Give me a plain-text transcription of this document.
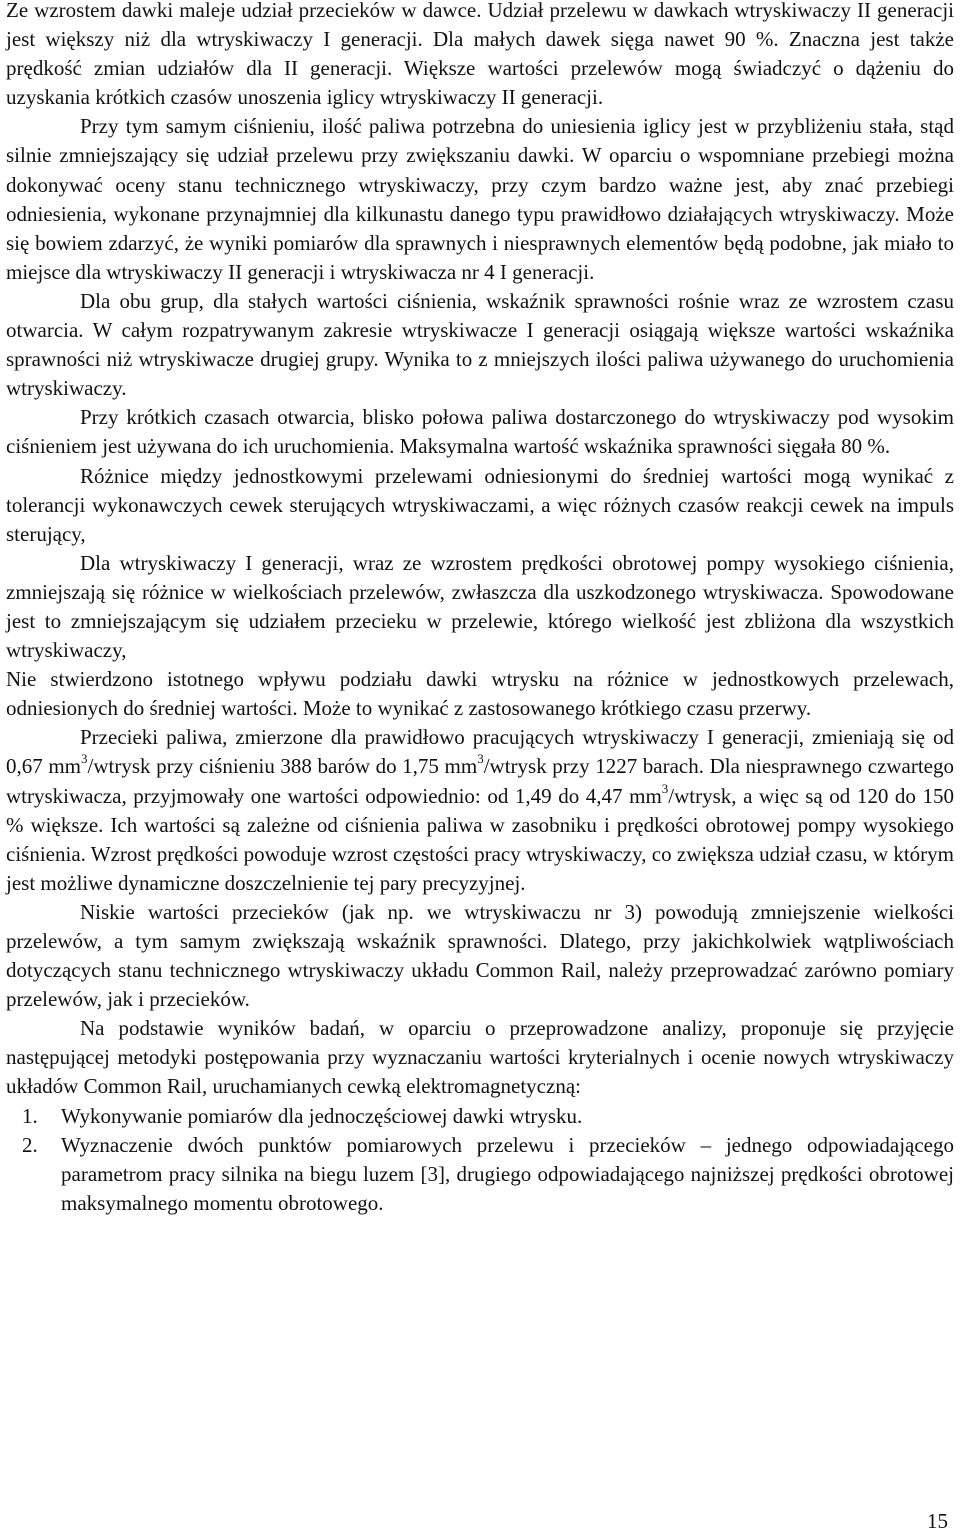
Ze wzrostem dawki maleje udział przecieków w dawce. Udział przelewu w dawkach wtryskiwaczy II generacji jest większy niż dla wtryskiwaczy I generacji. Dla małych dawek sięga nawet 90 %. Znaczna jest także prędkość zmian udziałów dla II generacji. Większe wartości przelewów mogą świadczyć o dążeniu do uzyskania krótkich czasów unoszenia iglicy wtryskiwaczy II generacji.

Przy tym samym ciśnieniu, ilość paliwa potrzebna do uniesienia iglicy jest w przybliżeniu stała, stąd silnie zmniejszający się udział przelewu przy zwiększaniu dawki. W oparciu o wspomniane przebiegi można dokonywać oceny stanu technicznego wtryskiwaczy, przy czym bardzo ważne jest, aby znać przebiegi odniesienia, wykonane przynajmniej dla kilkunastu danego typu prawidłowo działających wtryskiwaczy. Może się bowiem zdarzyć, że wyniki pomiarów dla sprawnych i niesprawnych elementów będą podobne, jak miało to miejsce dla wtryskiwaczy II generacji i wtryskiwacza nr 4 I generacji.

Dla obu grup, dla stałych wartości ciśnienia, wskaźnik sprawności rośnie wraz ze wzrostem czasu otwarcia. W całym rozpatrywanym zakresie wtryskiwacze I generacji osiągają większe wartości wskaźnika sprawności niż wtryskiwacze drugiej grupy. Wynika to z mniejszych ilości paliwa używanego do uruchomienia wtryskiwaczy.

Przy krótkich czasach otwarcia, blisko połowa paliwa dostarczonego do wtryskiwaczy pod wysokim ciśnieniem jest używana do ich uruchomienia. Maksymalna wartość wskaźnika sprawności sięgała 80 %.

Różnice między jednostkowymi przelewami odniesionymi do średniej wartości mogą wynikać z tolerancji wykonawczych cewek sterujących wtryskiwaczami, a więc różnych czasów reakcji cewek na impuls sterujący,

Dla wtryskiwaczy I generacji, wraz ze wzrostem prędkości obrotowej pompy wysokiego ciśnienia, zmniejszają się różnice w wielkościach przelewów, zwłaszcza dla uszkodzonego wtryskiwacza. Spowodowane jest to zmniejszającym się udziałem przecieku w przelewie, którego wielkość jest zbliżona dla wszystkich wtryskiwaczy,

Nie stwierdzono istotnego wpływu podziału dawki wtrysku na różnice w jednostkowych przelewach, odniesionych do średniej wartości. Może to wynikać z zastosowanego krótkiego czasu przerwy.

Przecieki paliwa, zmierzone dla prawidłowo pracujących wtryskiwaczy I generacji, zmieniają się od 0,67 $mm^3$/wtrysk przy ciśnieniu 388 barów do 1,75 $mm^3$/wtrysk przy 1227 barach. Dla niesprawnego czwartego wtryskiwacza, przyjmowały one wartości odpowiednio: od 1,49 do 4,47 $mm^3$/wtrysk, a więc są od 120 do 150 % większe. Ich wartości są zależne od ciśnienia paliwa w zasobniku i prędkości obrotowej pompy wysokiego ciśnienia. Wzrost prędkości powoduje wzrost częstości pracy wtryskiwaczy, co zwiększa udział czasu, w którym jest możliwe dynamiczne doszczelnienie tej pary precyzyjnej.

Niskie wartości przecieków (jak np. we wtryskiwaczu nr 3) powodują zmniejszenie wielkości przelewów, a tym samym zwiększają wskaźnik sprawności. Dlatego, przy jakichkolwiek wątpliwościach dotyczących stanu technicznego wtryskiwaczy układu Common Rail, należy przeprowadzać zarówno pomiary przelewów, jak i przecieków.

Na podstawie wyników badań, w oparciu o przeprowadzone analizy, proponuje się przyjęcie następującej metodyki postępowania przy wyznaczaniu wartości kryterialnych i ocenie nowych wtryskiwaczy układów Common Rail, uruchamianych cewką elektromagnetyczną:

1. Wykonywanie pomiarów dla jednoczęściowej dawki wtrysku.
2. Wyznaczenie dwóch punktów pomiarowych przelewu i przecieków – jednego odpowiadającego parametrom pracy silnika na biegu luzem [3], drugiego odpowiadającego najniższej prędkości obrotowej maksymalnego momentu obrotowego.
15
